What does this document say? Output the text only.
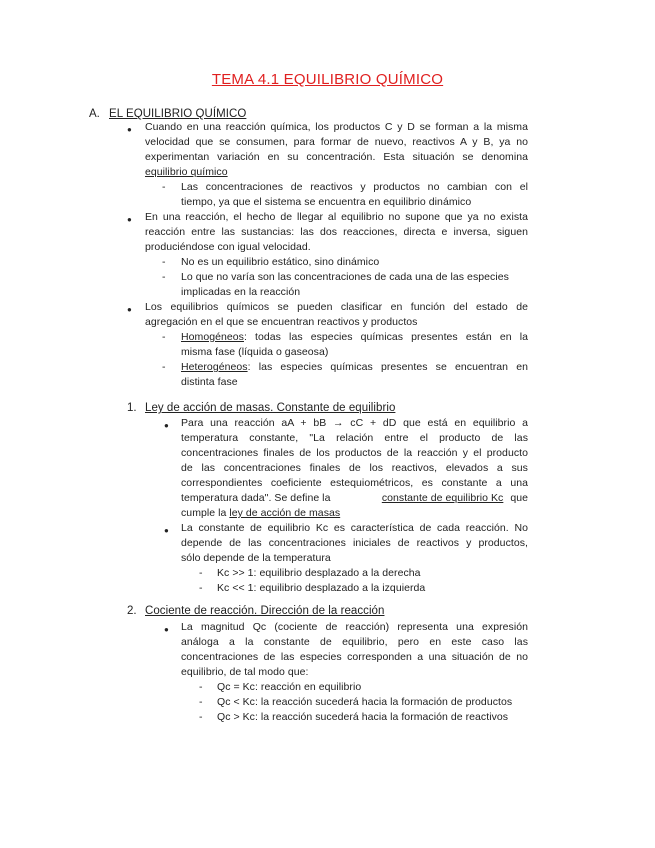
TEMA 4.1 EQUILIBRIO QUÍMICO
A. EL EQUILIBRIO QUÍMICO
● Cuando en una reacción química, los productos C y D se forman a la misma
velocidad que se consumen, para formar de nuevo, reactivos A y B, ya no
experimentan variación en su concentración. Esta situación se denomina
equilibrio químico
- Las concentraciones de reactivos y productos no cambian con el
tiempo, ya que el sistema se encuentra en equilibrio dinámico
● En una reacción, el hecho de llegar al equilibrio no supone que ya no exista
reacción entre las sustancias: las dos reacciones, directa e inversa, siguen
produciéndose con igual velocidad.
- No es un equilibrio estático, sino dinámico
- Lo que no varía son las concentraciones de cada una de las especies
implicadas en la reacción
● Los equilibrios químicos se pueden clasificar en función del estado de
agregación en el que se encuentran reactivos y productos
- Homogéneos : todas las especies químicas presentes están en la
misma fase (líquida o gaseosa)
- Heterogéneos : las especies químicas presentes se encuentran en
distinta fase
1. Ley de acción de masas. Constante de equilibrio
● Para una reacción aA + bB → cC + dD que está en equilibrio a
temperatura constante, "La relación entre el producto de las
concentraciones finales de los productos de la reacción y el producto
de las concentraciones finales de los reactivos, elevados a sus
correspondientes coeficiente estequiométricos, es constante a una
temperatura dada". Se define la	constante de equilibrio Kc que
cumple la ley de acción de masas
● La constante de equilibrio Kc es característica de cada reacción. No
depende de las concentraciones iniciales de reactivos y productos,
sólo depende de la temperatura
- Kc >> 1: equilibrio desplazado a la derecha
- Kc << 1: equilibrio desplazado a la izquierda
2. Cociente de reacción. Dirección de la reacción
● La magnitud Qc (cociente de reacción) representa una expresión
análoga a la constante de equilibrio, pero en este caso las
concentraciones de las especies corresponden a una situación de no
equilibrio, de tal modo que:
- Qc = Kc: reacción en equilibrio
- Qc < Kc: la reacción sucederá hacia la formación de productos
- Qc > Kc: la reacción sucederá hacia la formación de reactivos
